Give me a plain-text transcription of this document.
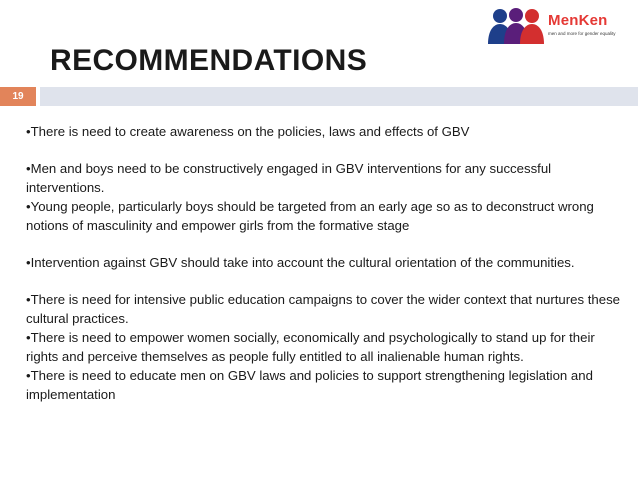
MenKen
men and more for gender equality
RECOMMENDATIONS
19

•There is need to create awareness on the policies, laws and effects of GBV

•Men and boys need to be constructively engaged in GBV interventions for any successful interventions.

•Young people, particularly boys should be targeted from an early age so as to deconstruct wrong notions of masculinity and empower girls from the formative stage

•Intervention against GBV should take into account the cultural orientation of the communities.

•There is need for intensive public education campaigns to cover the wider context that nurtures these cultural practices.

•There is need to empower women socially, economically and psychologically to stand up for their rights and perceive themselves as people fully entitled to all inalienable human rights.

•There is need to educate men on GBV laws and policies to support strengthening legislation and implementation
